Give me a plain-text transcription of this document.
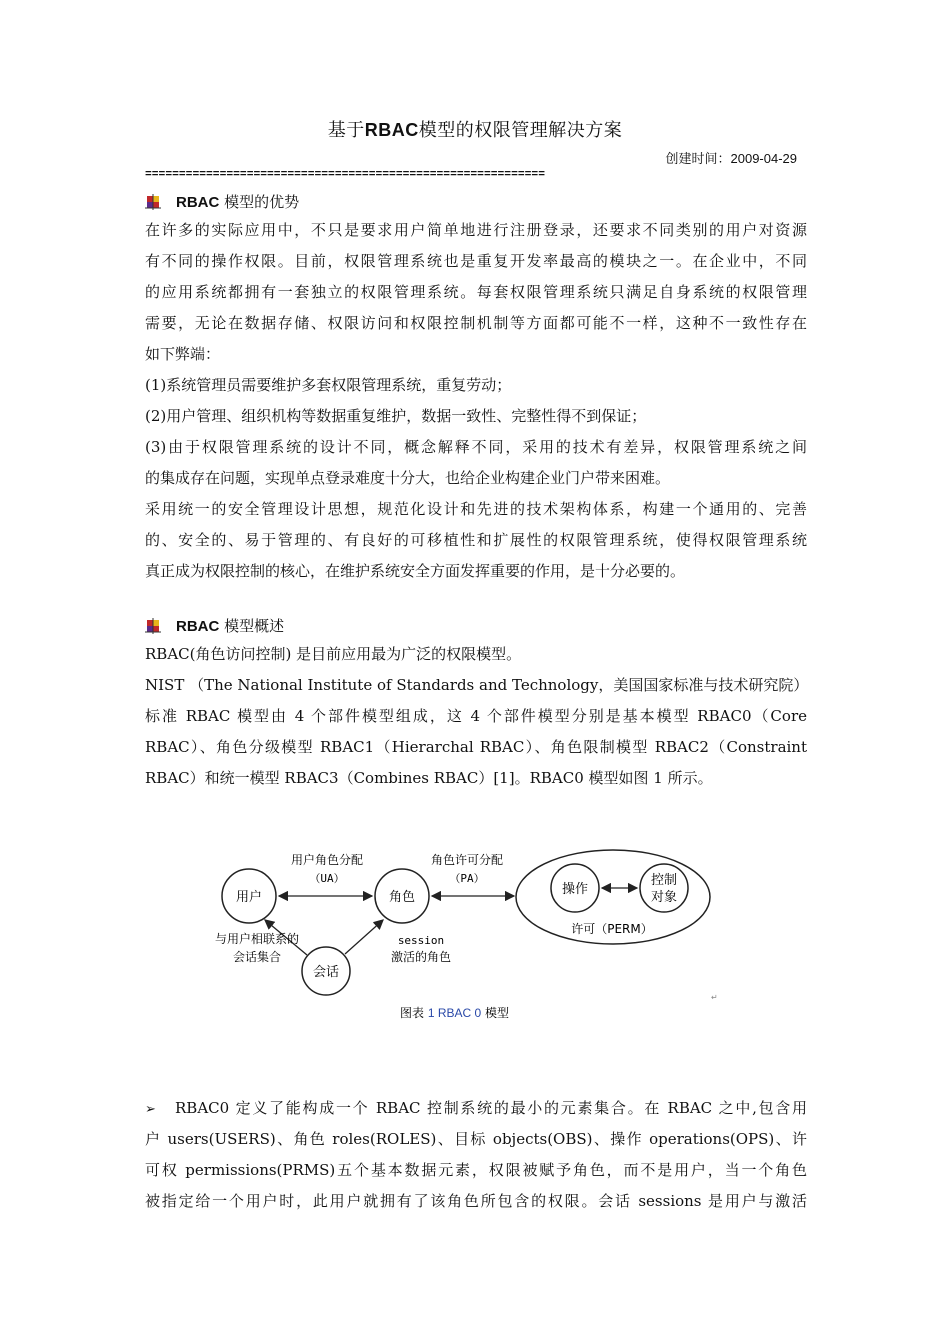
基于RBAC模型的权限管理解决方案
创建时间：2009-04-29
===========================================================
RBAC 模型的优势
在许多的实际应用中，不只是要求用户简单地进行注册登录，还要求不同类别的用户对资源
有不同的操作权限。目前，权限管理系统也是重复开发率最高的模块之一。在企业中，不同
的应用系统都拥有一套独立的权限管理系统。每套权限管理系统只满足自身系统的权限管理
需要，无论在数据存储、权限访问和权限控制机制等方面都可能不一样，这种不一致性存在
如下弊端：
(1)系统管理员需要维护多套权限管理系统，重复劳动；
(2)用户管理、组织机构等数据重复维护，数据一致性、完整性得不到保证；
(3)由于权限管理系统的设计不同，概念解释不同，采用的技术有差异，权限管理系统之间
的集成存在问题，实现单点登录难度十分大，也给企业构建企业门户带来困难。
采用统一的安全管理设计思想，规范化设计和先进的技术架构体系，构建一个通用的、完善
的、安全的、易于管理的、有良好的可移植性和扩展性的权限管理系统，使得权限管理系统
真正成为权限控制的核心，在维护系统安全方面发挥重要的作用，是十分必要的。
RBAC 模型概述
RBAC(角色访问控制) 是目前应用最为广泛的权限模型。
NIST （The National Institute of Standards and Technology，美国国家标准与技术研究院）
标准 RBAC 模型由 4 个部件模型组成，这 4 个部件模型分别是基本模型 RBAC0（Core
RBAC）、角色分级模型 RBAC1（Hierarchal RBAC）、角色限制模型 RBAC2（Constraint
RBAC）和统一模型 RBAC3（Combines RBAC）[1]。RBAC0 模型如图 1 所示。
用户	角色
会话
操作
控制
对象
用户角色分配
（UA）
角色许可分配
（PA）
许可（PERM）
与用户相联系的
会话集合
session
激活的角色
图表 1 RBAC 0 模型
↵
➢ RBAC0 定义了能构成一个 RBAC 控制系统的最小的元素集合。在 RBAC 之中,包含用
户 users(USERS)、角色 roles(ROLES)、目标 objects(OBS)、操作 operations(OPS)、许
可权 permissions(PRMS)五个基本数据元素，权限被赋予角色，而不是用户，当一个角色
被指定给一个用户时，此用户就拥有了该角色所包含的权限。会话 sessions 是用户与激活
